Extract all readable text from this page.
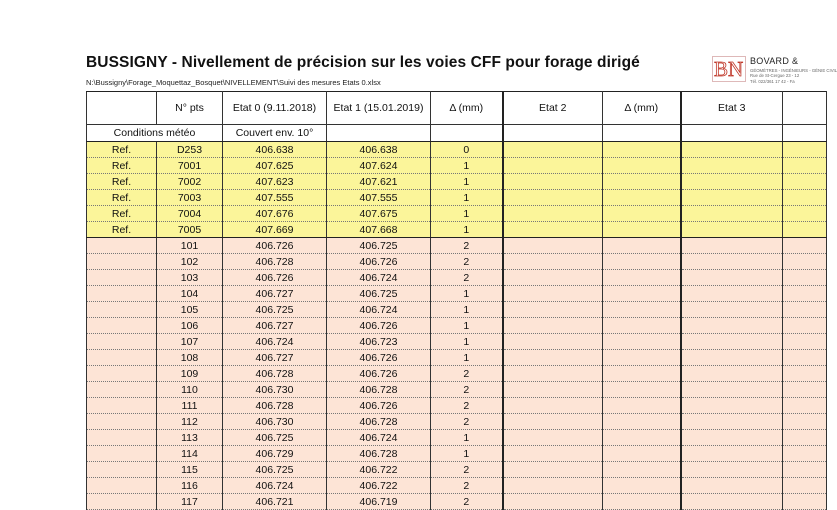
BUSSIGNY - Nivellement de précision sur les voies CFF pour forage dirigé
N:\Bussigny\Forage_Moquettaz_Bosquet\NIVELLEMENT\Suivi des mesures Etats 0.xlsx
BN BOVARD &
GÉOMÈTRES - INGÉNIEURS - GÉNIE CIVIL
Rue de St-Cergue 23 - 12
Tél. 022/361 17 42 - Fa
	N° pts	Etat 0 (9.11.2018)	Etat 1 (15.01.2019)	Δ (mm)	Etat 2	Δ (mm)	Etat 3	
Conditions météo		Couvert env. 10°						
Ref.	D253	406.638	406.638	0				
Ref.	7001	407.625	407.624	1				
Ref.	7002	407.623	407.621	1				
Ref.	7003	407.555	407.555	1				
Ref.	7004	407.676	407.675	1				
Ref.	7005	407.669	407.668	1				
	101	406.726	406.725	2				
	102	406.728	406.726	2				
	103	406.726	406.724	2				
	104	406.727	406.725	1				
	105	406.725	406.724	1				
	106	406.727	406.726	1				
	107	406.724	406.723	1				
	108	406.727	406.726	1				
	109	406.728	406.726	2				
	110	406.730	406.728	2				
	111	406.728	406.726	2				
	112	406.730	406.728	2				
	113	406.725	406.724	1				
	114	406.729	406.728	1				
	115	406.725	406.722	2				
	116	406.724	406.722	2				
	117	406.721	406.719	2				
